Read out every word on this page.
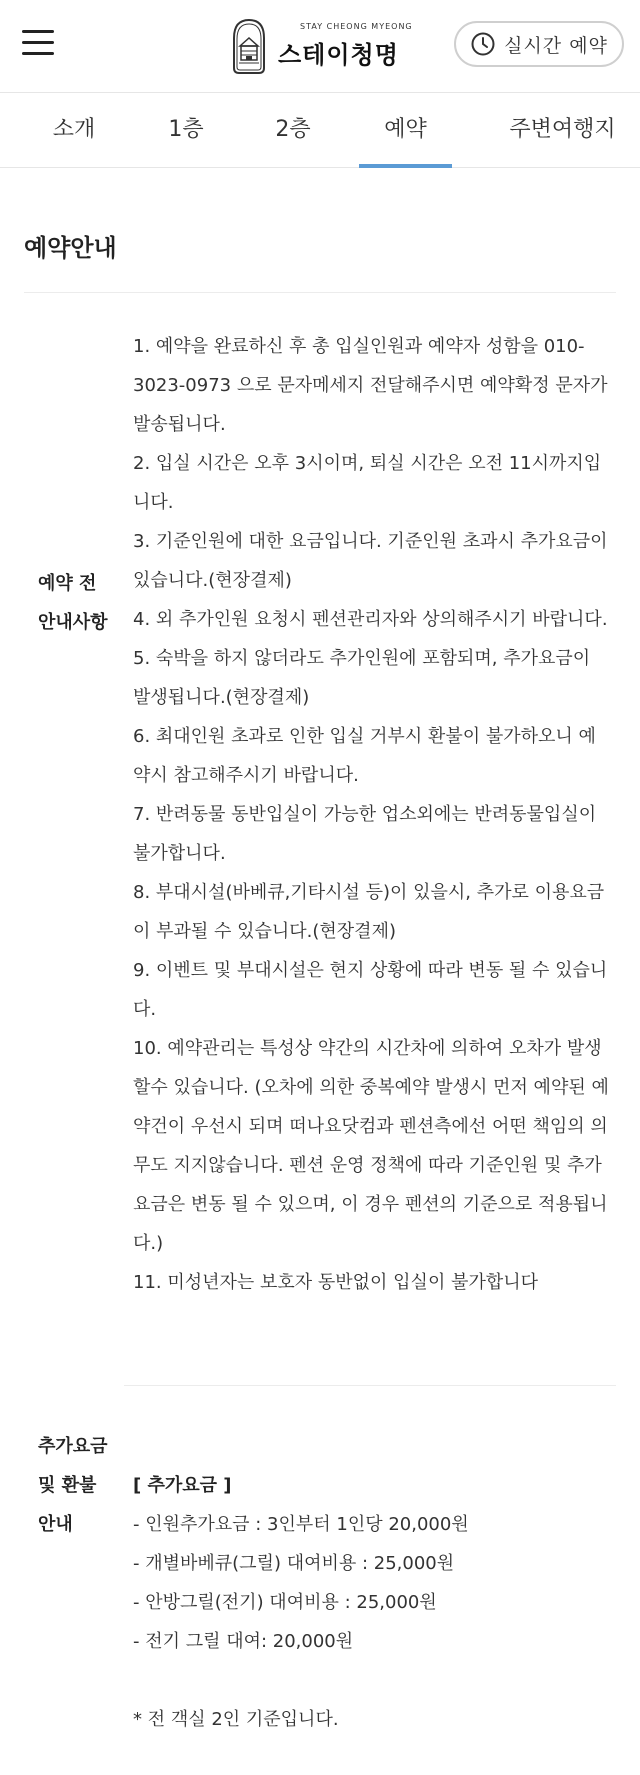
STAY CHEONG MYEONG
스테이청명	실시간 예약
소개	1층	2층	예약	주변여행지
예약안내
예약 전 안내사항
1. 예약을 완료하신 후 총 입실인원과 예약자 성함을 010-3023-0973 으로 문자메세지 전달해주시면 예약확정 문자가 발송됩니다.
2. 입실 시간은 오후 3시이며, 퇴실 시간은 오전 11시까지입니다.
3. 기준인원에 대한 요금입니다. 기준인원 초과시 추가요금이 있습니다.(현장결제)
4. 외 추가인원 요청시 펜션관리자와 상의해주시기 바랍니다.
5. 숙박을 하지 않더라도 추가인원에 포함되며, 추가요금이 발생됩니다.(현장결제)
6. 최대인원 초과로 인한 입실 거부시 환불이 불가하오니 예약시 참고해주시기 바랍니다.
7. 반려동물 동반입실이 가능한 업소외에는 반려동물입실이 불가합니다.
8. 부대시설(바베큐,기타시설 등)이 있을시, 추가로 이용요금이 부과될 수 있습니다.(현장결제)
9. 이벤트 및 부대시설은 현지 상황에 따라 변동 될 수 있습니다.
10. 예약관리는 특성상 약간의 시간차에 의하여 오차가 발생할수 있습니다. (오차에 의한 중복예약 발생시 먼저 예약된 예약건이 우선시 되며 떠나요닷컴과 펜션측에선 어떤 책임의 의무도 지지않습니다. 펜션 운영 정책에 따라 기준인원 및 추가요금은 변동 될 수 있으며, 이 경우 펜션의 기준으로 적용됩니다.)
11. 미성년자는 보호자 동반없이 입실이 불가합니다
추가요금 및 환불안내
[ 추가요금 ]
- 인원추가요금 : 3인부터 1인당 20,000원
- 개별바베큐(그릴) 대여비용 : 25,000원
- 안방그릴(전기) 대여비용 : 25,000원
- 전기 그릴 대여: 20,000원
* 전 객실 2인 기준입니다.
